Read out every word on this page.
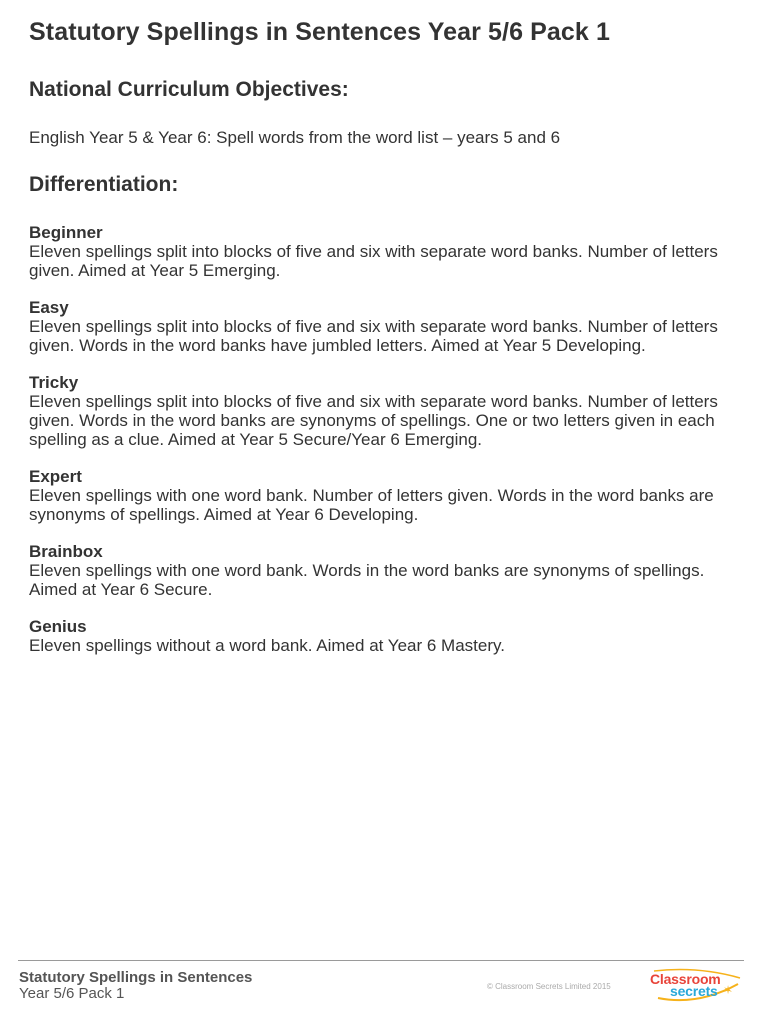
Statutory Spellings in Sentences Year 5/6 Pack 1
National Curriculum Objectives:

English Year 5 & Year 6: Spell words from the word list – years 5 and 6

Differentiation:
Beginner
Eleven spellings split into blocks of five and six with separate word banks. Number of letters given. Aimed at Year 5 Emerging.
Easy
Eleven spellings split into blocks of five and six with separate word banks. Number of letters given. Words in the word banks have jumbled letters. Aimed at Year 5 Developing.
Tricky
Eleven spellings split into blocks of five and six with separate word banks. Number of letters given. Words in the word banks are synonyms of spellings. One or two letters given in each spelling as a clue. Aimed at Year 5 Secure/Year 6 Emerging.
Expert
Eleven spellings with one word bank. Number of letters given. Words in the word banks are synonyms of spellings. Aimed at Year 6 Developing.
Brainbox
Eleven spellings with one word bank. Words in the word banks are synonyms of spellings. Aimed at Year 6 Secure.
Genius
Eleven spellings without a word bank. Aimed at Year 6 Mastery.
Statutory Spellings in Sentences
Year 5/6 Pack 1	© Classroom Secrets Limited 2015	Classroom
secrets ✶
